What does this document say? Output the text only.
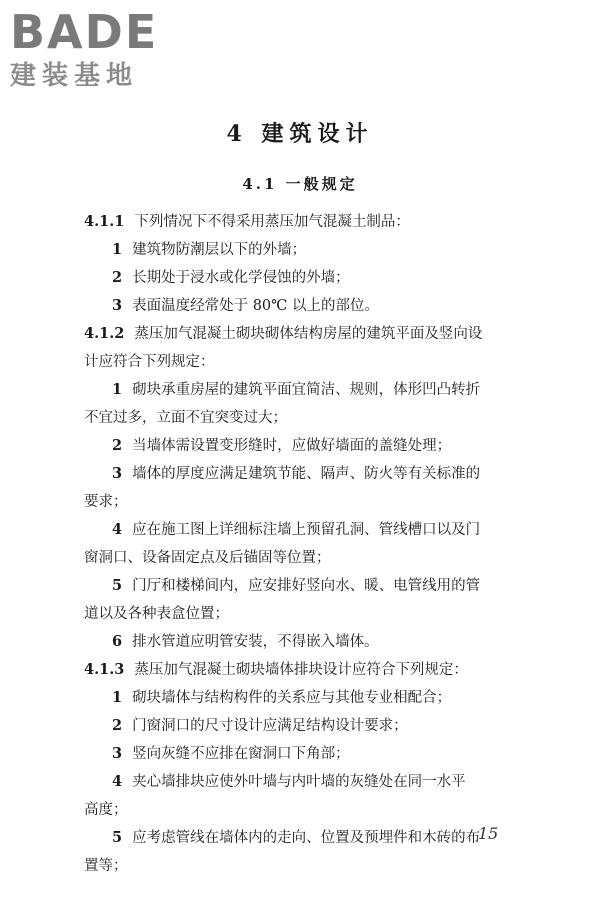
BADE
建装基地
4 建筑设计
4.1 一般规定
4.1.1 下列情况下不得采用蒸压加气混凝土制品：
1 建筑物防潮层以下的外墙；
2 长期处于浸水或化学侵蚀的外墙；
3 表面温度经常处于 80℃ 以上的部位。
4.1.2 蒸压加气混凝土砌块砌体结构房屋的建筑平面及竖向设
计应符合下列规定：
1 砌块承重房屋的建筑平面宜简洁、规则，体形凹凸转折
不宜过多，立面不宜突变过大；
2 当墙体需设置变形缝时，应做好墙面的盖缝处理；
3 墙体的厚度应满足建筑节能、隔声、防火等有关标准的
要求；
4 应在施工图上详细标注墙上预留孔洞、管线槽口以及门
窗洞口、设备固定点及后锚固等位置；
5 门厅和楼梯间内，应安排好竖向水、暖、电管线用的管
道以及各种表盒位置；
6 排水管道应明管安装，不得嵌入墙体。
4.1.3 蒸压加气混凝土砌块墙体排块设计应符合下列规定：
1 砌块墙体与结构构件的关系应与其他专业相配合；
2 门窗洞口的尺寸设计应满足结构设计要求；
3 竖向灰缝不应排在窗洞口下角部；
4 夹心墙排块应使外叶墙与内叶墙的灰缝处在同一水平
高度；
5 应考虑管线在墙体内的走向、位置及预埋件和木砖的布
置等；
15
